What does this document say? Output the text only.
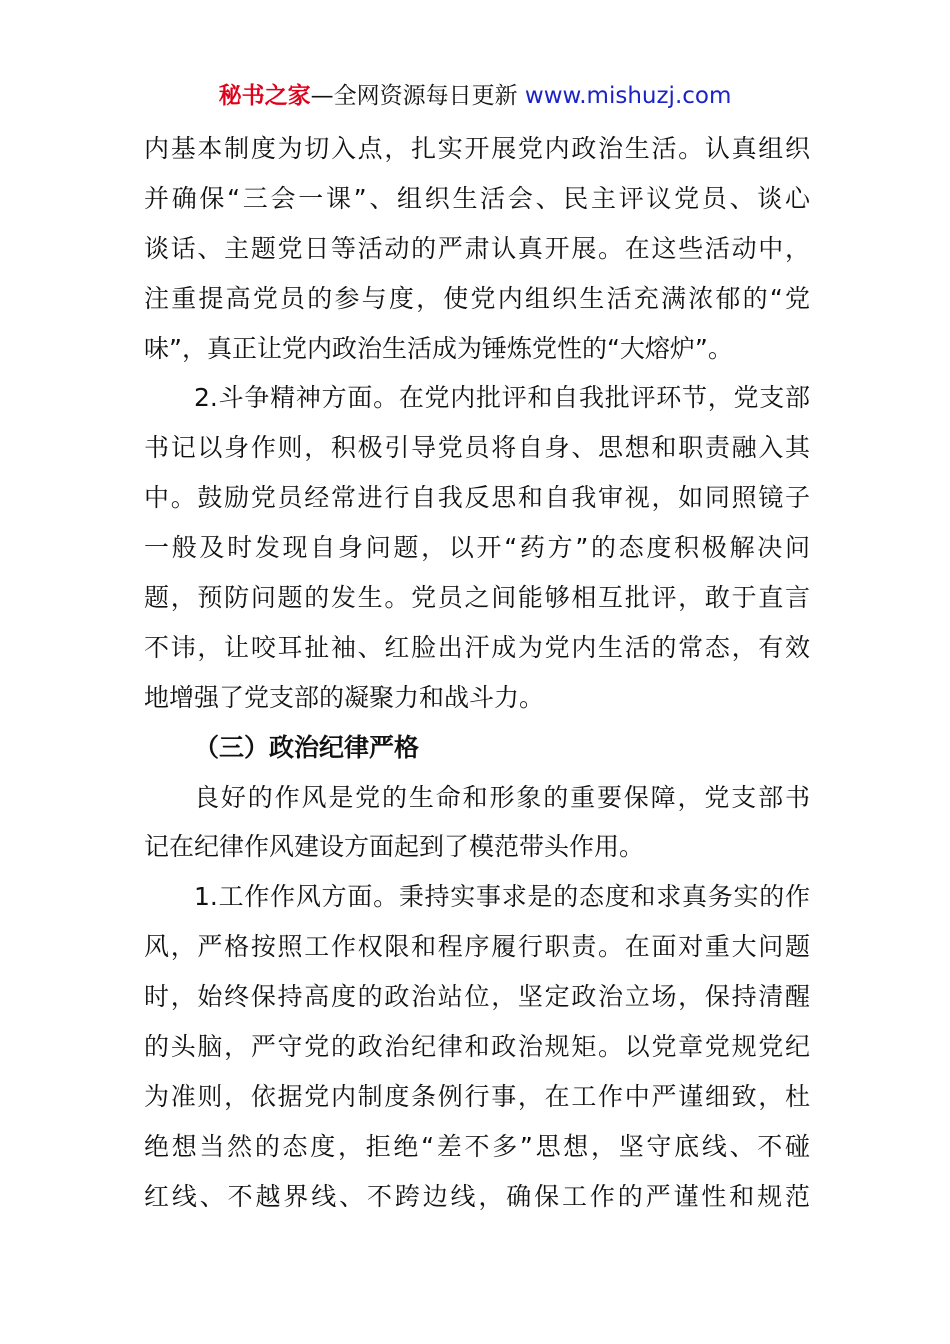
秘书之家—全网资源每日更新 www.mishuzj.com
内基本制度为切入点，扎实开展党内政治生活。认真组织
并确保“三会一课”、组织生活会、民主评议党员、谈心
谈话、主题党日等活动的严肃认真开展。在这些活动中，
注重提高党员的参与度，使党内组织生活充满浓郁的“党
味”，真正让党内政治生活成为锤炼党性的“大熔炉”。
2.斗争精神方面。在党内批评和自我批评环节，党支部
书记以身作则，积极引导党员将自身、思想和职责融入其
中。鼓励党员经常进行自我反思和自我审视，如同照镜子
一般及时发现自身问题，以开“药方”的态度积极解决问
题，预防问题的发生。党员之间能够相互批评，敢于直言
不讳，让咬耳扯袖、红脸出汗成为党内生活的常态，有效
地增强了党支部的凝聚力和战斗力。
（三）政治纪律严格
良好的作风是党的生命和形象的重要保障，党支部书
记在纪律作风建设方面起到了模范带头作用。
1.工作作风方面。秉持实事求是的态度和求真务实的作
风，严格按照工作权限和程序履行职责。在面对重大问题
时，始终保持高度的政治站位，坚定政治立场，保持清醒
的头脑，严守党的政治纪律和政治规矩。以党章党规党纪
为准则，依据党内制度条例行事，在工作中严谨细致，杜
绝想当然的态度，拒绝“差不多”思想，坚守底线、不碰
红线、不越界线、不跨边线，确保工作的严谨性和规范
